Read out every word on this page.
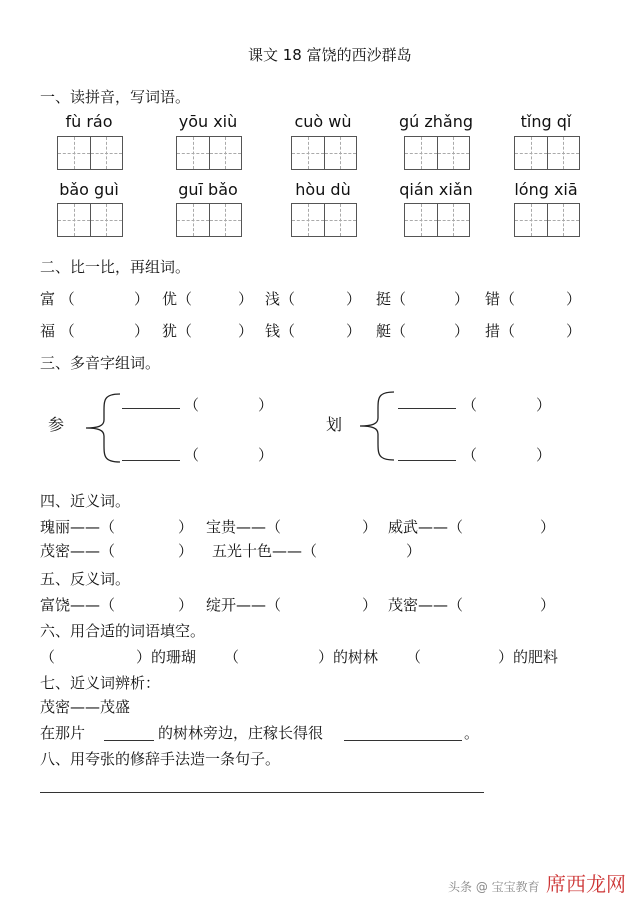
课文 18 富饶的西沙群岛
一、读拼音，写词语。
fù ráo	yōu xiù	cuò wù	gú zhǎng	tǐng qǐ
bǎo guì	guī bǎo	hòu dù	qián xiǎn	lóng xiā
二、比一比，再组词。
富 （	） 优（	） 浅（	） 挺（	） 错（	）
福 （	） 犹（	） 钱（	） 艇（	） 措（	）
三、多音字组词。
参
（	）
（	）
划
（	）
（	）
四、近义词。
瑰丽——（	） 宝贵——（	） 威武——（	）
茂密——（	） 五光十色——（	）
五、反义词。
富饶——（	） 绽开——（	） 茂密——（	）
六、用合适的词语填空。
（	）的珊瑚 （	）的树林 （	）的肥料
七、近义词辨析：
茂密——茂盛
在那片	的树林旁边，庄稼长得很	。
八、用夸张的修辞手法造一条句子。
头条 @ 宝宝教育 席西龙网
